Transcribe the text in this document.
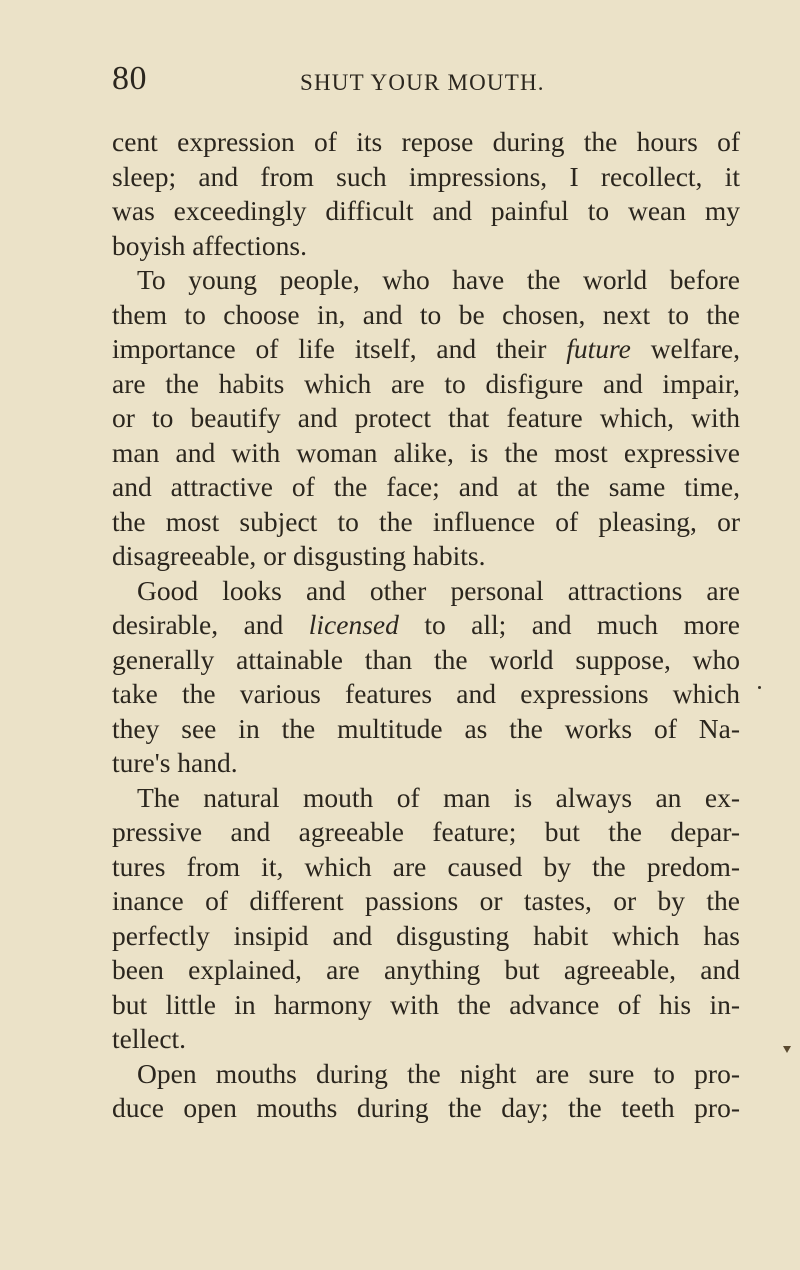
80	SHUT YOUR MOUTH.
cent expression of its repose during the hours of
sleep; and from such impressions, I recollect, it
was exceedingly difficult and painful to wean my
boyish affections.
To young people, who have the world before
them to choose in, and to be chosen, next to the
importance of life itself, and their future welfare,
are the habits which are to disfigure and impair,
or to beautify and protect that feature which, with
man and with woman alike, is the most expressive
and attractive of the face; and at the same time,
the most subject to the influence of pleasing, or
disagreeable, or disgusting habits.
Good looks and other personal attractions are
desirable, and licensed to all; and much more
generally attainable than the world suppose, who
take the various features and expressions which
they see in the multitude as the works of Na-
ture's hand.
The natural mouth of man is always an ex-
pressive and agreeable feature; but the depar-
tures from it, which are caused by the predom-
inance of different passions or tastes, or by the
perfectly insipid and disgusting habit which has
been explained, are anything but agreeable, and
but little in harmony with the advance of his in-
tellect.
Open mouths during the night are sure to pro-
duce open mouths during the day; the teeth pro-
